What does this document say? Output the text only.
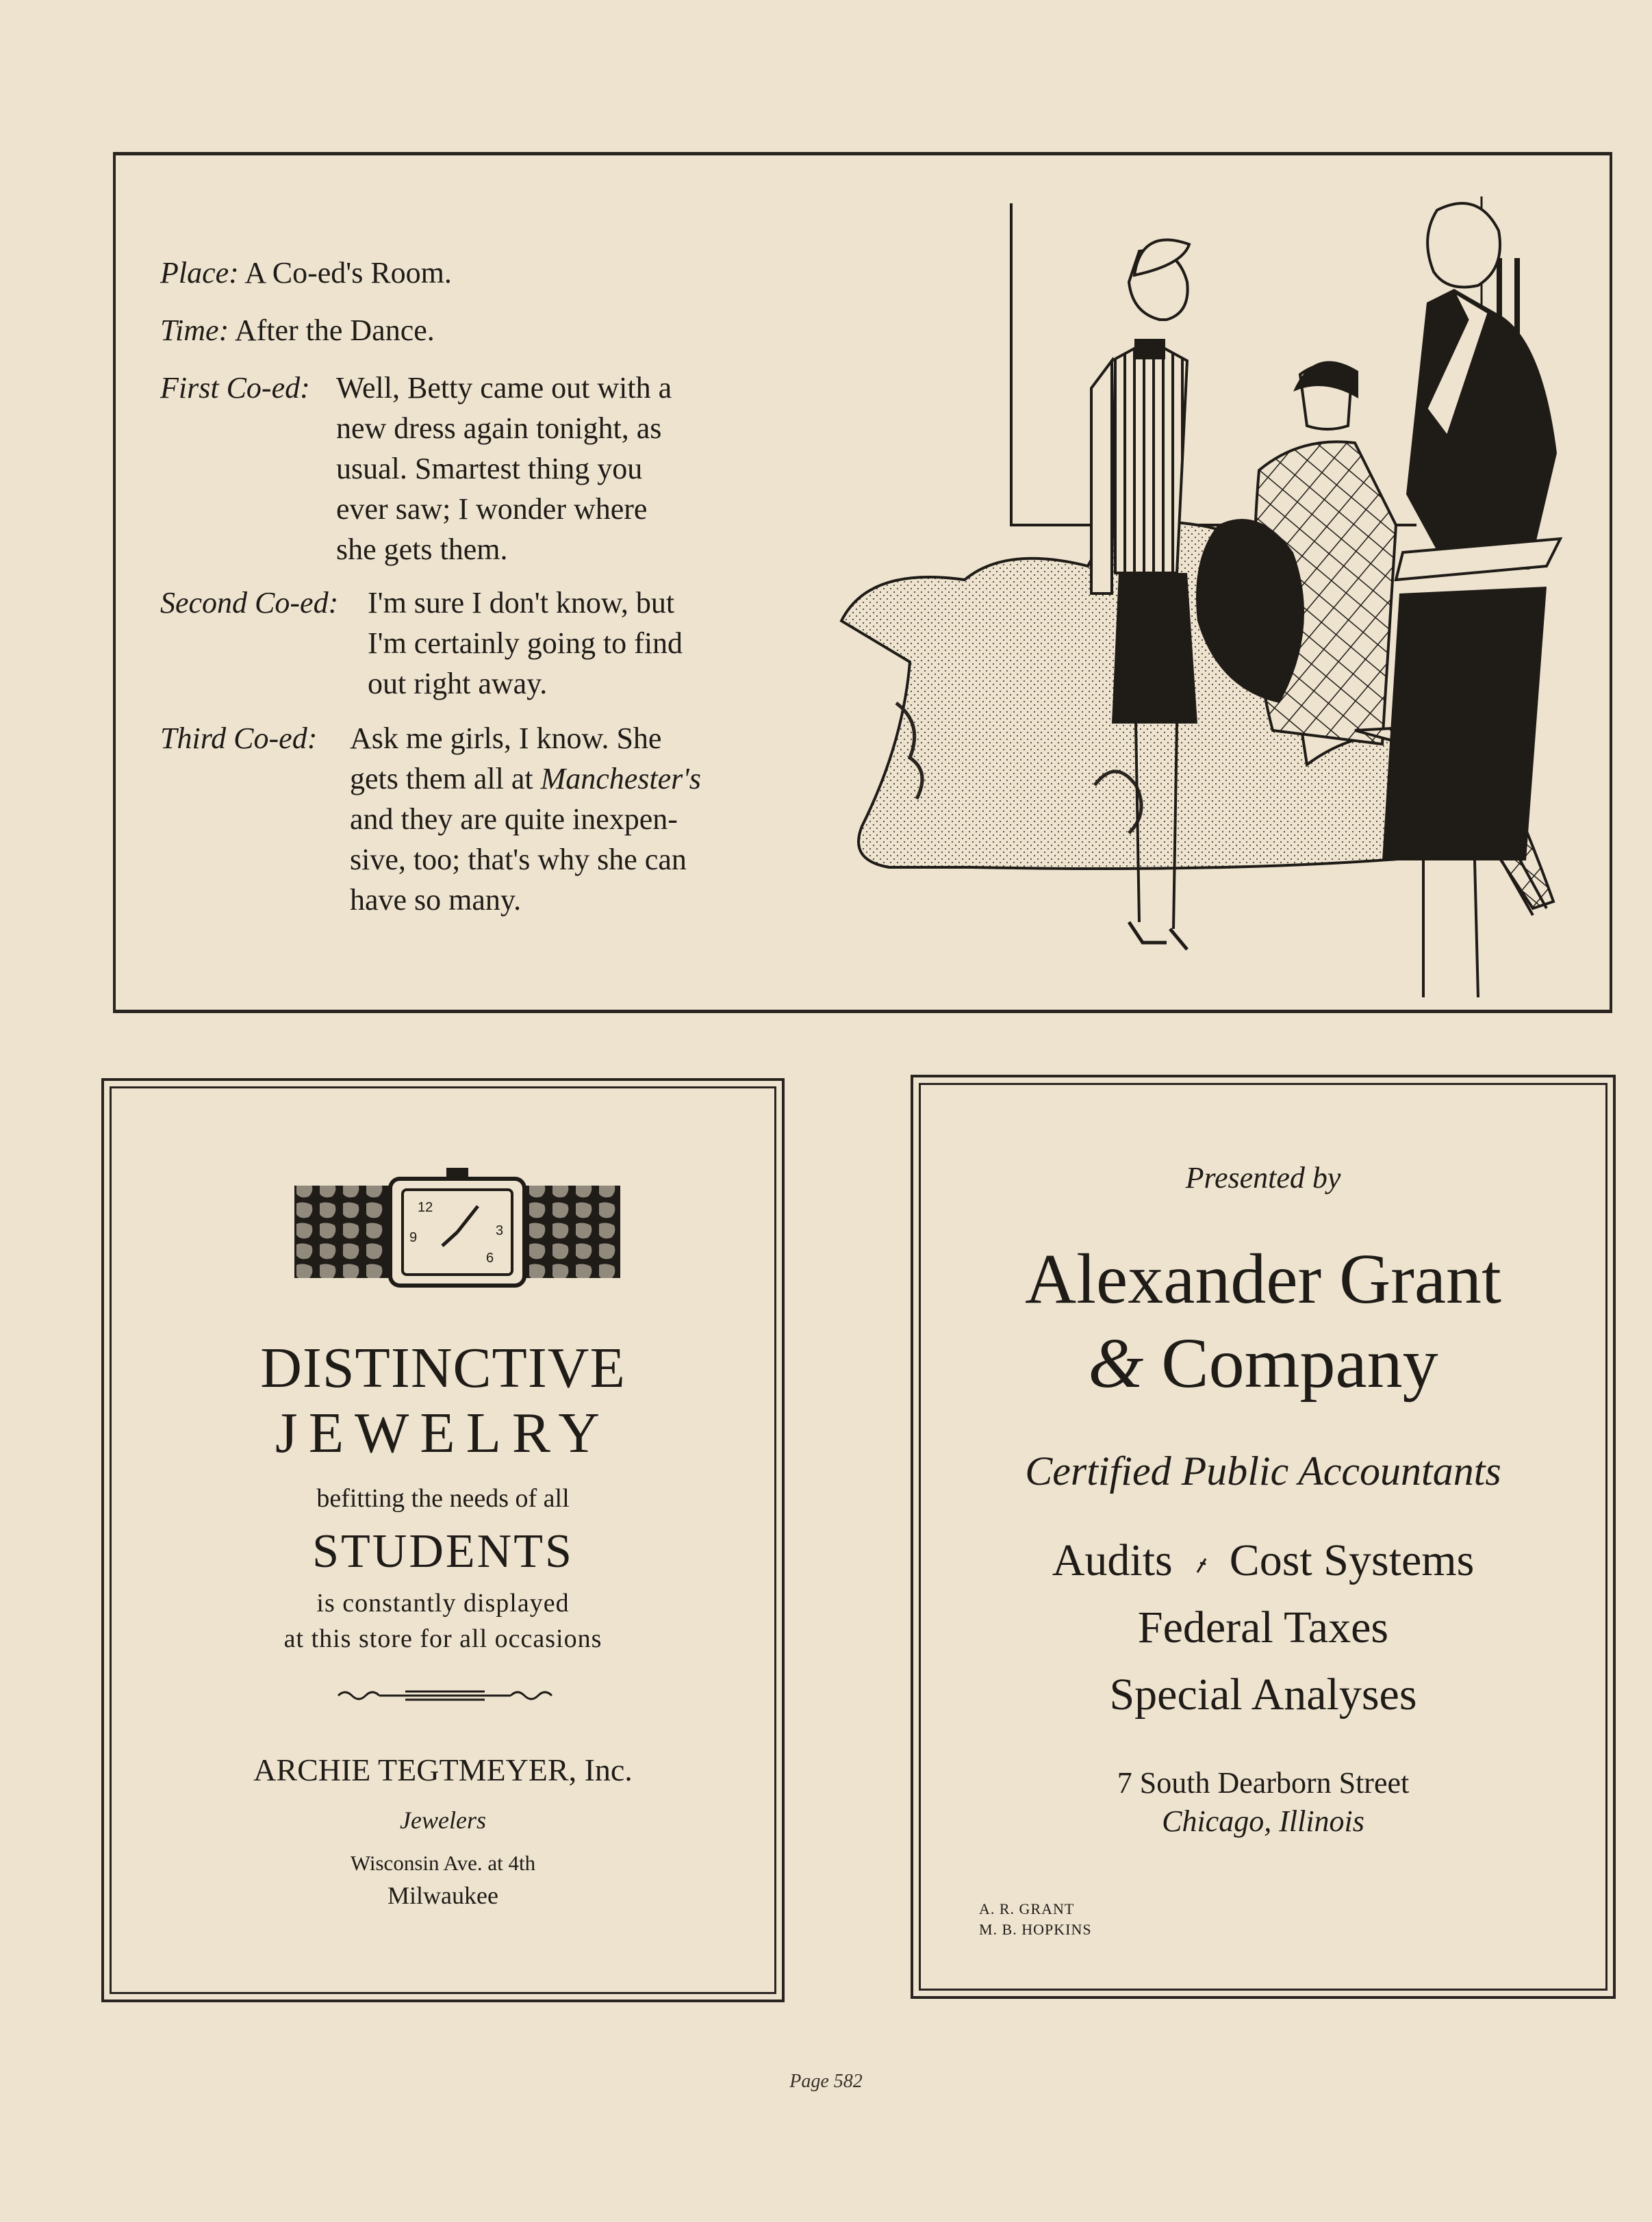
Place: A Co-ed's Room.
Time: After the Dance.
First Co-ed: Well, Betty came out with a
new dress again tonight, as
usual. Smartest thing you
ever saw; I wonder where
she gets them.
Second Co-ed: I'm sure I don't know, but
I'm certainly going to find
out right away.
Third Co-ed: Ask me girls, I know. She
gets them all at Manchester's
and they are quite inexpen-
sive, too; that's why she can
have so many.
12
6
9	3
DISTINCTIVE
JEWELRY
befitting the needs of all
STUDENTS
is constantly displayed
at this store for all occasions
ARCHIE TEGTMEYER, Inc.
Jewelers
Wisconsin Ave. at 4th
Milwaukee
Presented by
Alexander Grant
& Company
Certified Public Accountants
Audits Cost Systems
Federal Taxes
Special Analyses
7 South Dearborn Street
Chicago, Illinois
A. R. GRANT
M. B. HOPKINS
Page 582
